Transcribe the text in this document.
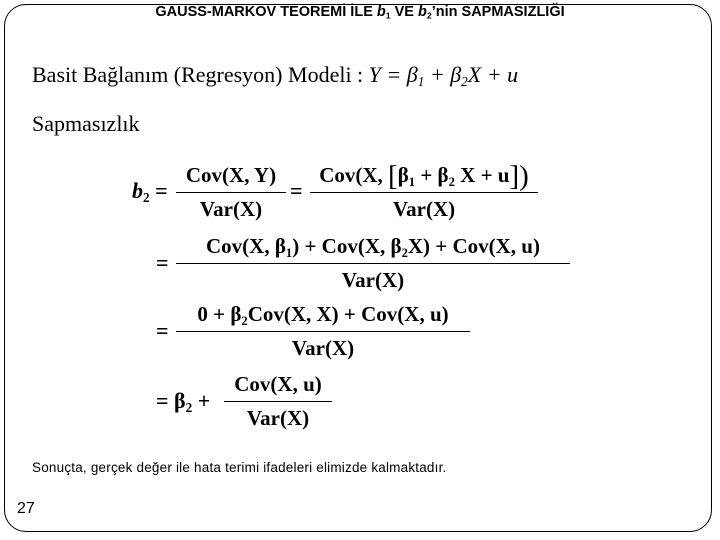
GAUSS-MARKOV TEOREMİ İLE $b_1$ VE $b_2’nin$ SAPMASIZLIĞI
Basit Bağlanım (Regresyon) Modeli : $Y = \beta_1 + \beta_2X + u$
Sapmasızlık
$b_2$ =
Cov(X, Y)
Var(X)
=
Cov(X, [$\beta_1 + \beta_2$ X + u])
Var(X)
=
Cov(X, $\beta_1) + Cov(X$, $\beta_2X) + Cov(X$, u)
Var(X)
=
$0 + \beta_2Cov(X$, X) + Cov(X, u)
Var(X)
= $\beta_2$ +
Cov(X, u)
Var(X)
Sonuçta, gerçek değer ile hata terimi ifadeleri elimizde kalmaktadır.
27
